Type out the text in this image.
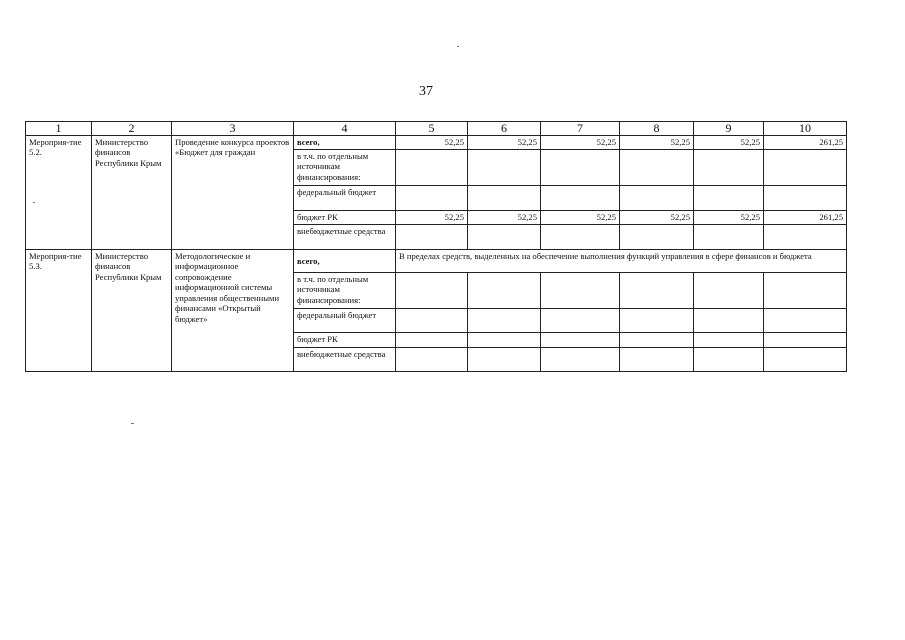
37
1	2	3	4	5	6	7	8	9	10
Мероприя-тие 5.2.	Министерство финансов Республики Крым	Проведение конкурса проектов «Бюджет для граждан	всего,	52,25	52,25	52,25	52,25	52,25	261,25
			в т.ч. по отдельным источникам финансирования:						
			федеральный бюджет						
			бюджет РК	52,25	52,25	52,25	52,25	52,25	261,25
			внебюджетные средства						
Мероприя-тие 5.3.	Министерство финансов Республики Крым	Методологическое и информационное сопровождение информационной системы управления общественными финансами «Открытый бюджет»	всего,	В пределах средств, выделенных на обеспечение выполнения функций управления в сфере финансов и бюджета					
			в т.ч. по отдельным источникам финансирования:						
			федеральный бюджет						
			бюджет РК						
			внебюджетные средства						
